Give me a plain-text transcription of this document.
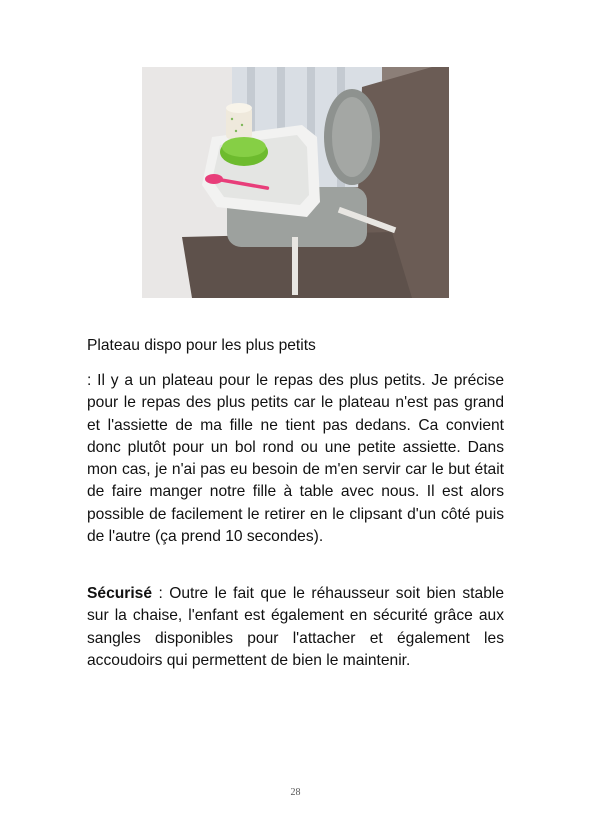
Plateau dispo pour les plus petits

: Il y a un plateau pour le repas des plus petits. Je précise pour le repas des plus petits car le plateau n'est pas grand et l'assiette de ma fille ne tient pas dedans. Ca convient donc plutôt pour un bol rond ou une petite assiette. Dans mon cas, je n'ai pas eu besoin de m'en servir car le but était de faire manger notre fille à table avec nous. Il est alors possible de facilement le retirer en le clipsant d'un côté puis de l'autre (ça prend 10 secondes).

Sécurisé : Outre le fait que le réhausseur soit bien stable sur la chaise, l'enfant est également en sécurité grâce aux sangles disponibles pour l'attacher et également les accoudoirs qui permettent de bien le maintenir.

28
